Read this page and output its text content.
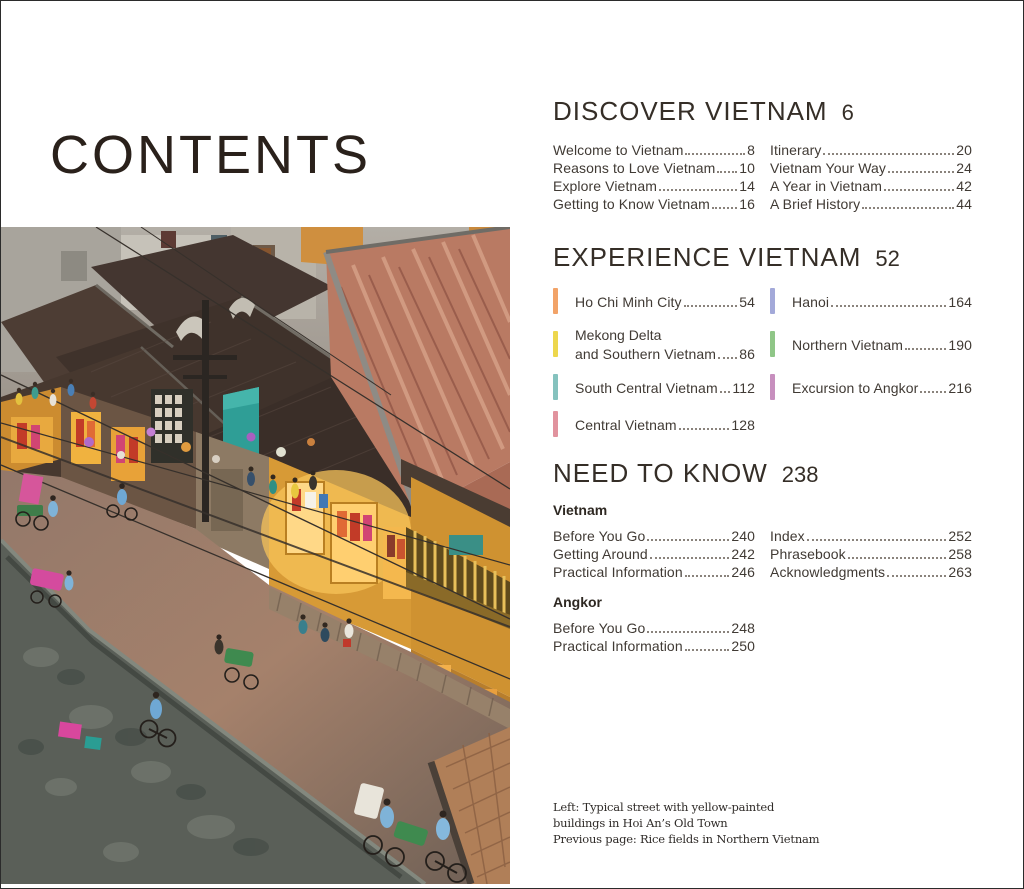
CONTENTS
DISCOVER VIETNAM 6
Welcome to Vietnam	8
Reasons to Love Vietnam 10
Explore Vietnam	14
Getting to Know Vietnam 16
Itinerary	20
Vietnam Your Way	24
A Year in Vietnam	42
A Brief History	44
EXPERIENCE VIETNAM 52
Ho Chi Minh City	54
Mekong Delta
and Southern Vietnam 86
South Central Vietnam 112
Central Vietnam	128
Hanoi	164
Northern Vietnam	190
Excursion to Angkor 216
NEED TO KNOW 238
Vietnam
Before You Go	240
Getting Around	242
Practical Information	246
Index	252
Phrasebook	258
Acknowledgments	263
Angkor
Before You Go	248
Practical Information	250
Left: Typical street with yellow-painted
buildings in Hoi An’s Old Town
Previous page: Rice fields in Northern Vietnam
